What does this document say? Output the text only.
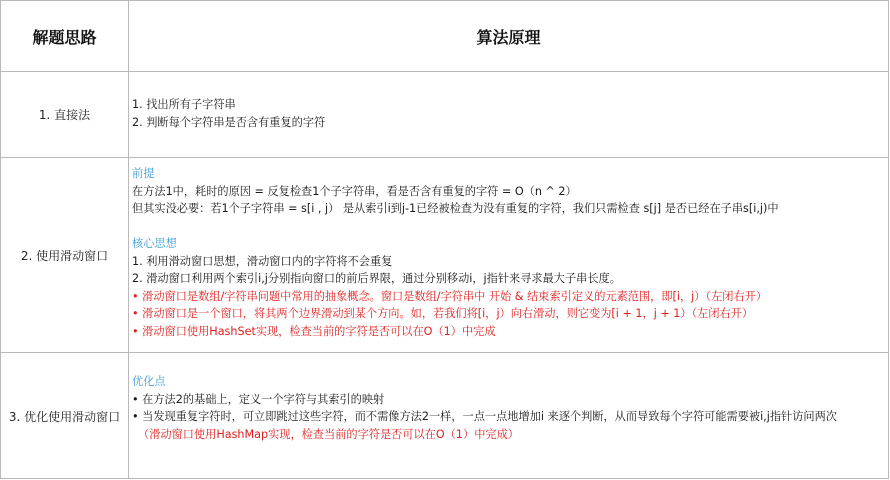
解题思路	算法原理
1. 直接法
1. 找出所有子字符串
2. 判断每个字符串是否含有重复的字符
2. 使用滑动窗口
前提
在方法1中，耗时的原因 = 反复检查1个子字符串，看是否含有重复的字符 = O（n ^ 2）
但其实没必要：若1个子字符串 = s[i , j） 是从索引i到j-1已经被检查为没有重复的字符，我们只需检查 s[j] 是否已经在子串s[i,j)中
核心思想
1. 利用滑动窗口思想，滑动窗口内的字符将不会重复
2. 滑动窗口利用两个索引i,j分别指向窗口的前后界限，通过分别移动i，j指针来寻求最大子串长度。
• 滑动窗口是数组/字符串问题中常用的抽象概念。窗口是数组/字符串中 开始 & 结束索引定义的元素范围，即[i，j）（左闭右开）
• 滑动窗口是一个窗口，将其两个边界滑动到某个方向。如，若我们将[i，j）向右滑动，则它变为[i + 1，j + 1）（左闭右开）
• 滑动窗口使用HashSet实现，检查当前的字符是否可以在O（1）中完成
3. 优化使用滑动窗口
优化点
• 在方法2的基础上，定义一个字符与其索引的映射
• 当发现重复字符时，可立即跳过这些字符，而不需像方法2一样，一点一点地增加i 来逐个判断，从而导致每个字符可能需要被i,j指针访问两次
（滑动窗口使用HashMap实现，检查当前的字符是否可以在O（1）中完成）
